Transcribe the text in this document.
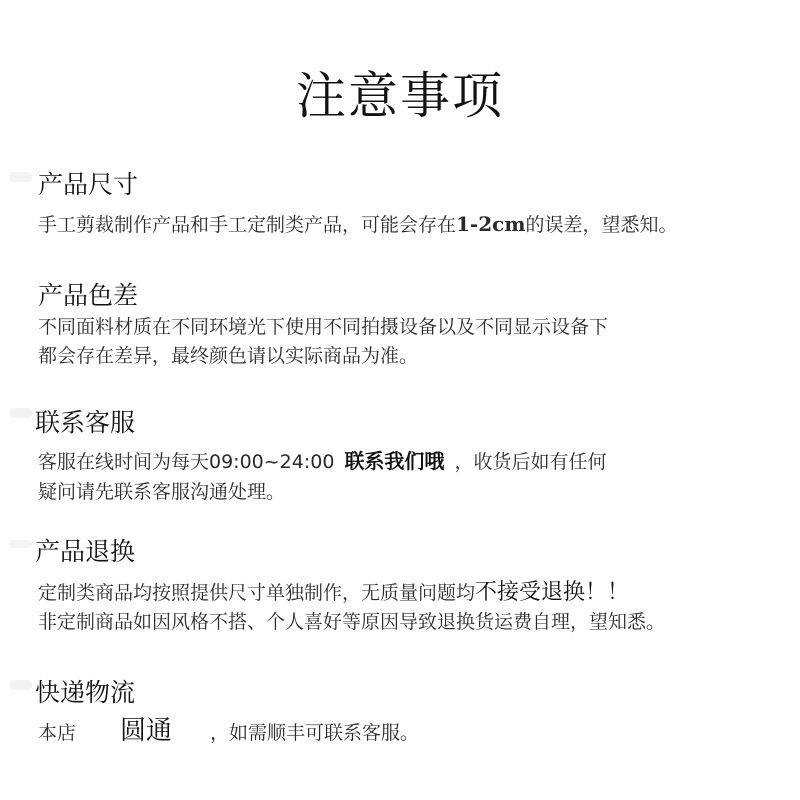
注意事项
产品尺寸
手工剪裁制作产品和手工定制类产品，可能会存在1-2cm的误差，望悉知。
产品色差
不同面料材质在不同环境光下使用不同拍摄设备以及不同显示设备下
都会存在差异，最终颜色请以实际商品为准。
联系客服
客服在线时间为每天09:00~24:00 联系我们哦 ，收货后如有任何
疑问请先联系客服沟通处理。
产品退换
定制类商品均按照提供尺寸单独制作，无质量问题均不接受退换！！
非定制商品如因风格不搭、个人喜好等原因导致退换货运费自理，望知悉。
快递物流
本店 圆通 ，如需顺丰可联系客服。
